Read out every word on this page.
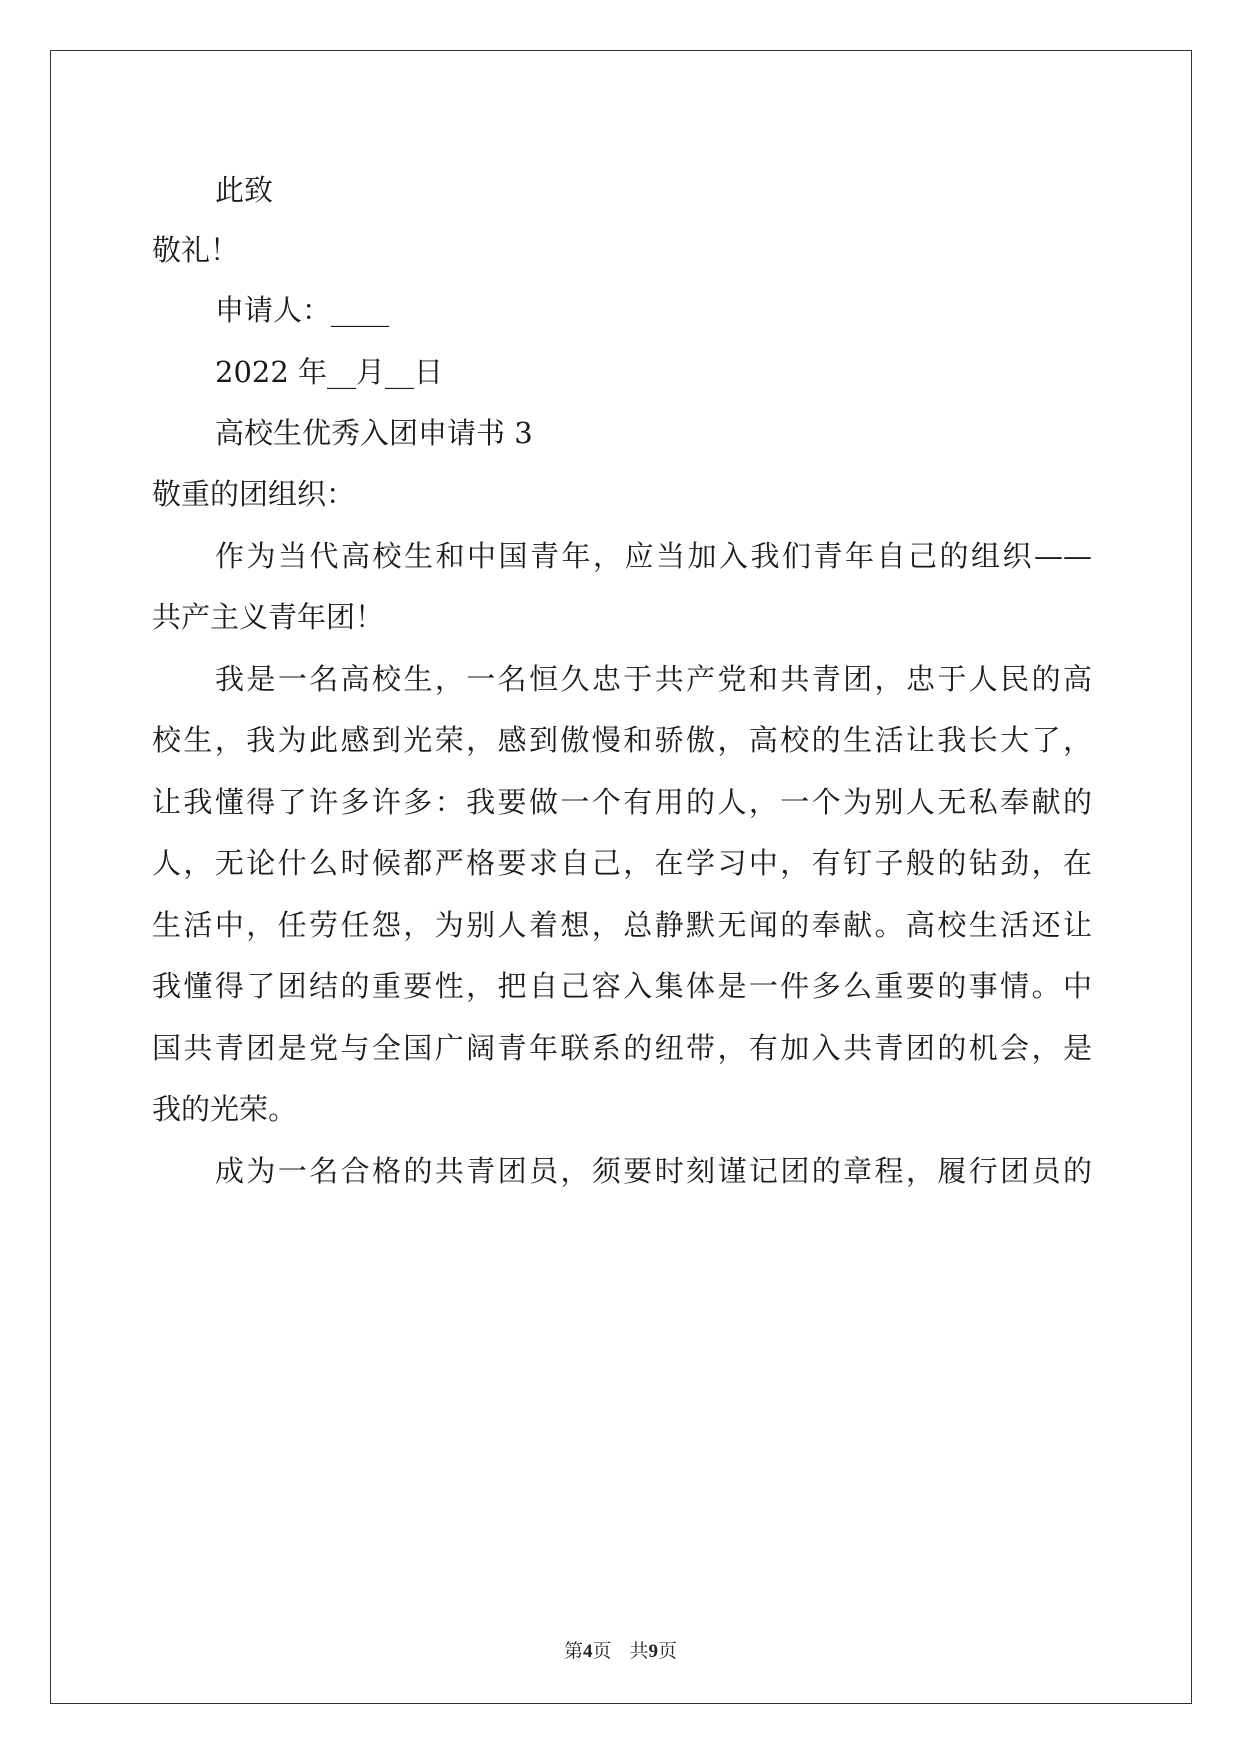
此致

敬礼！

申请人：____

2022 年__月__日

高校生优秀入团申请书 3

敬重的团组织：

作为当代高校生和中国青年，应当加入我们青年自己的组织——

共产主义青年团！

我是一名高校生，一名恒久忠于共产党和共青团，忠于人民的高

校生，我为此感到光荣，感到傲慢和骄傲，高校的生活让我长大了，

让我懂得了许多许多：我要做一个有用的人，一个为别人无私奉献的

人，无论什么时候都严格要求自己，在学习中，有钉子般的钻劲，在

生活中，任劳任怨，为别人着想，总静默无闻的奉献。高校生活还让

我懂得了团结的重要性，把自己容入集体是一件多么重要的事情。中

国共青团是党与全国广阔青年联系的纽带，有加入共青团的机会，是

我的光荣。

成为一名合格的共青团员，须要时刻谨记团的章程，履行团员的

第4页 共9页
